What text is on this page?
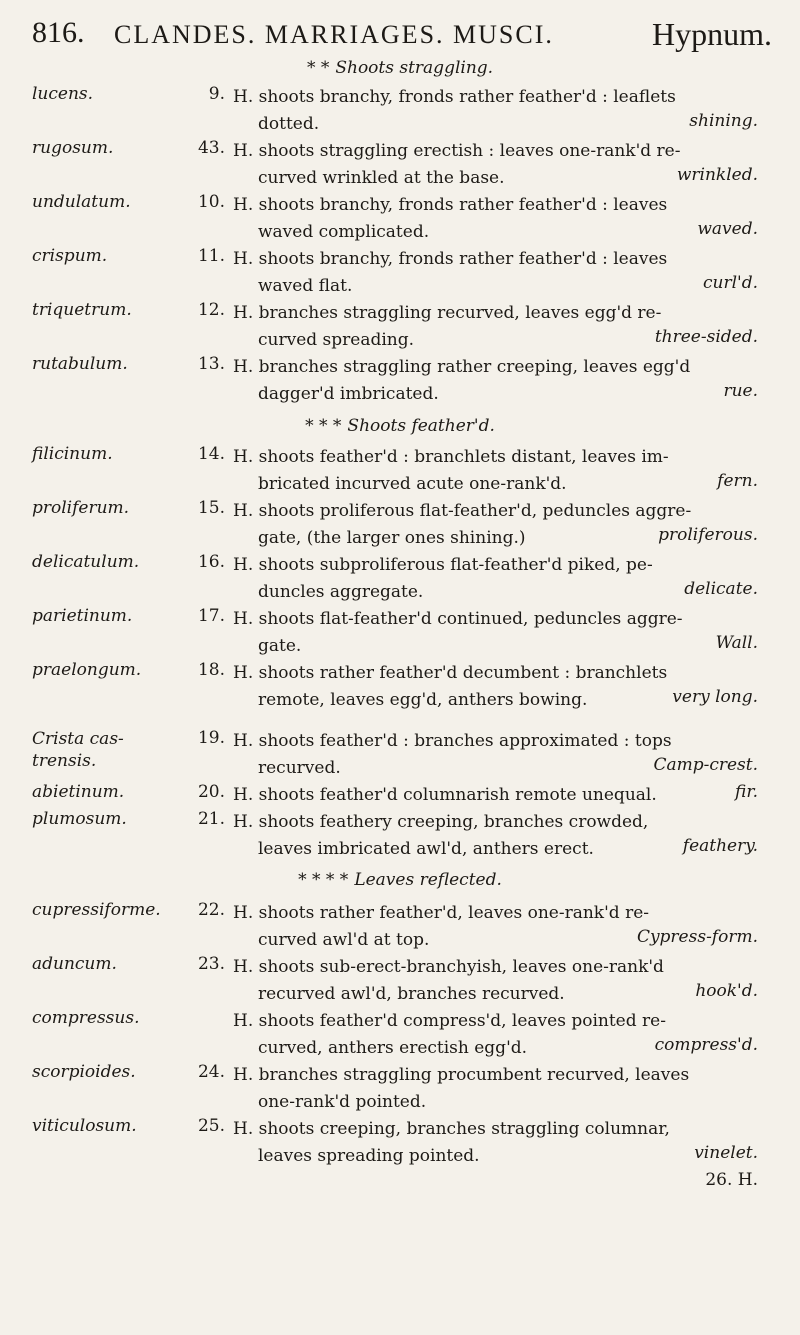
816. CLANDES. MARRIAGES. MUSCI.	Hypnum.
* * Shoots straggling.
lucens.	9. H. shoots branchy, fronds rather feather'd : leaflets

dotted.	shining.
rugosum.	43. H. shoots straggling erectish : leaves one-rank'd re-

curved wrinkled at the base.	wrinkled.
undulatum.	10. H. shoots branchy, fronds rather feather'd : leaves

waved complicated.	waved.
crispum.	11. H. shoots branchy, fronds rather feather'd : leaves

waved flat.	curl'd.
triquetrum.	12. H. branches straggling recurved, leaves egg'd re-

curved spreading.	three-sided.
rutabulum.	13. H. branches straggling rather creeping, leaves egg'd

dagger'd imbricated.	rue.
* * * Shoots feather'd.
filicinum.	14. H. shoots feather'd : branchlets distant, leaves im-

bricated incurved acute one-rank'd.	fern.
proliferum.	15. H. shoots proliferous flat-feather'd, peduncles aggre-

gate, (the larger ones shining.)	proliferous.
delicatulum.	16. H. shoots subproliferous flat-feather'd piked, pe-

duncles aggregate.	delicate.
parietinum.	17. H. shoots flat-feather'd continued, peduncles aggre-

gate.	Wall.
praelongum.	18. H. shoots rather feather'd decumbent : branchlets

remote, leaves egg'd, anthers bowing.	very long.
Crista cas- trensis.
19. H. shoots feather'd : branches approximated : tops

recurved.	Camp-crest.
abietinum.	20. H. shoots feather'd columnarish remote unequal.	fir.
plumosum.	21. H. shoots feathery creeping, branches crowded,

leaves imbricated awl'd, anthers erect.	feathery.
* * * * Leaves reflected.
cupressiforme.	22. H. shoots rather feather'd, leaves one-rank'd re-

curved awl'd at top.	Cypress-form.
aduncum.	23. H. shoots sub-erect-branchyish, leaves one-rank'd

recurved awl'd, branches recurved.	hook'd.
compressus.	H. shoots feather'd compress'd, leaves pointed re-

curved, anthers erectish egg'd.	compress'd.
scorpioides.	24. H. branches straggling procumbent recurved, leaves

one-rank'd pointed.

viticulosum.	25. H. shoots creeping, branches straggling columnar,

leaves spreading pointed.	vinelet.
26. H.
